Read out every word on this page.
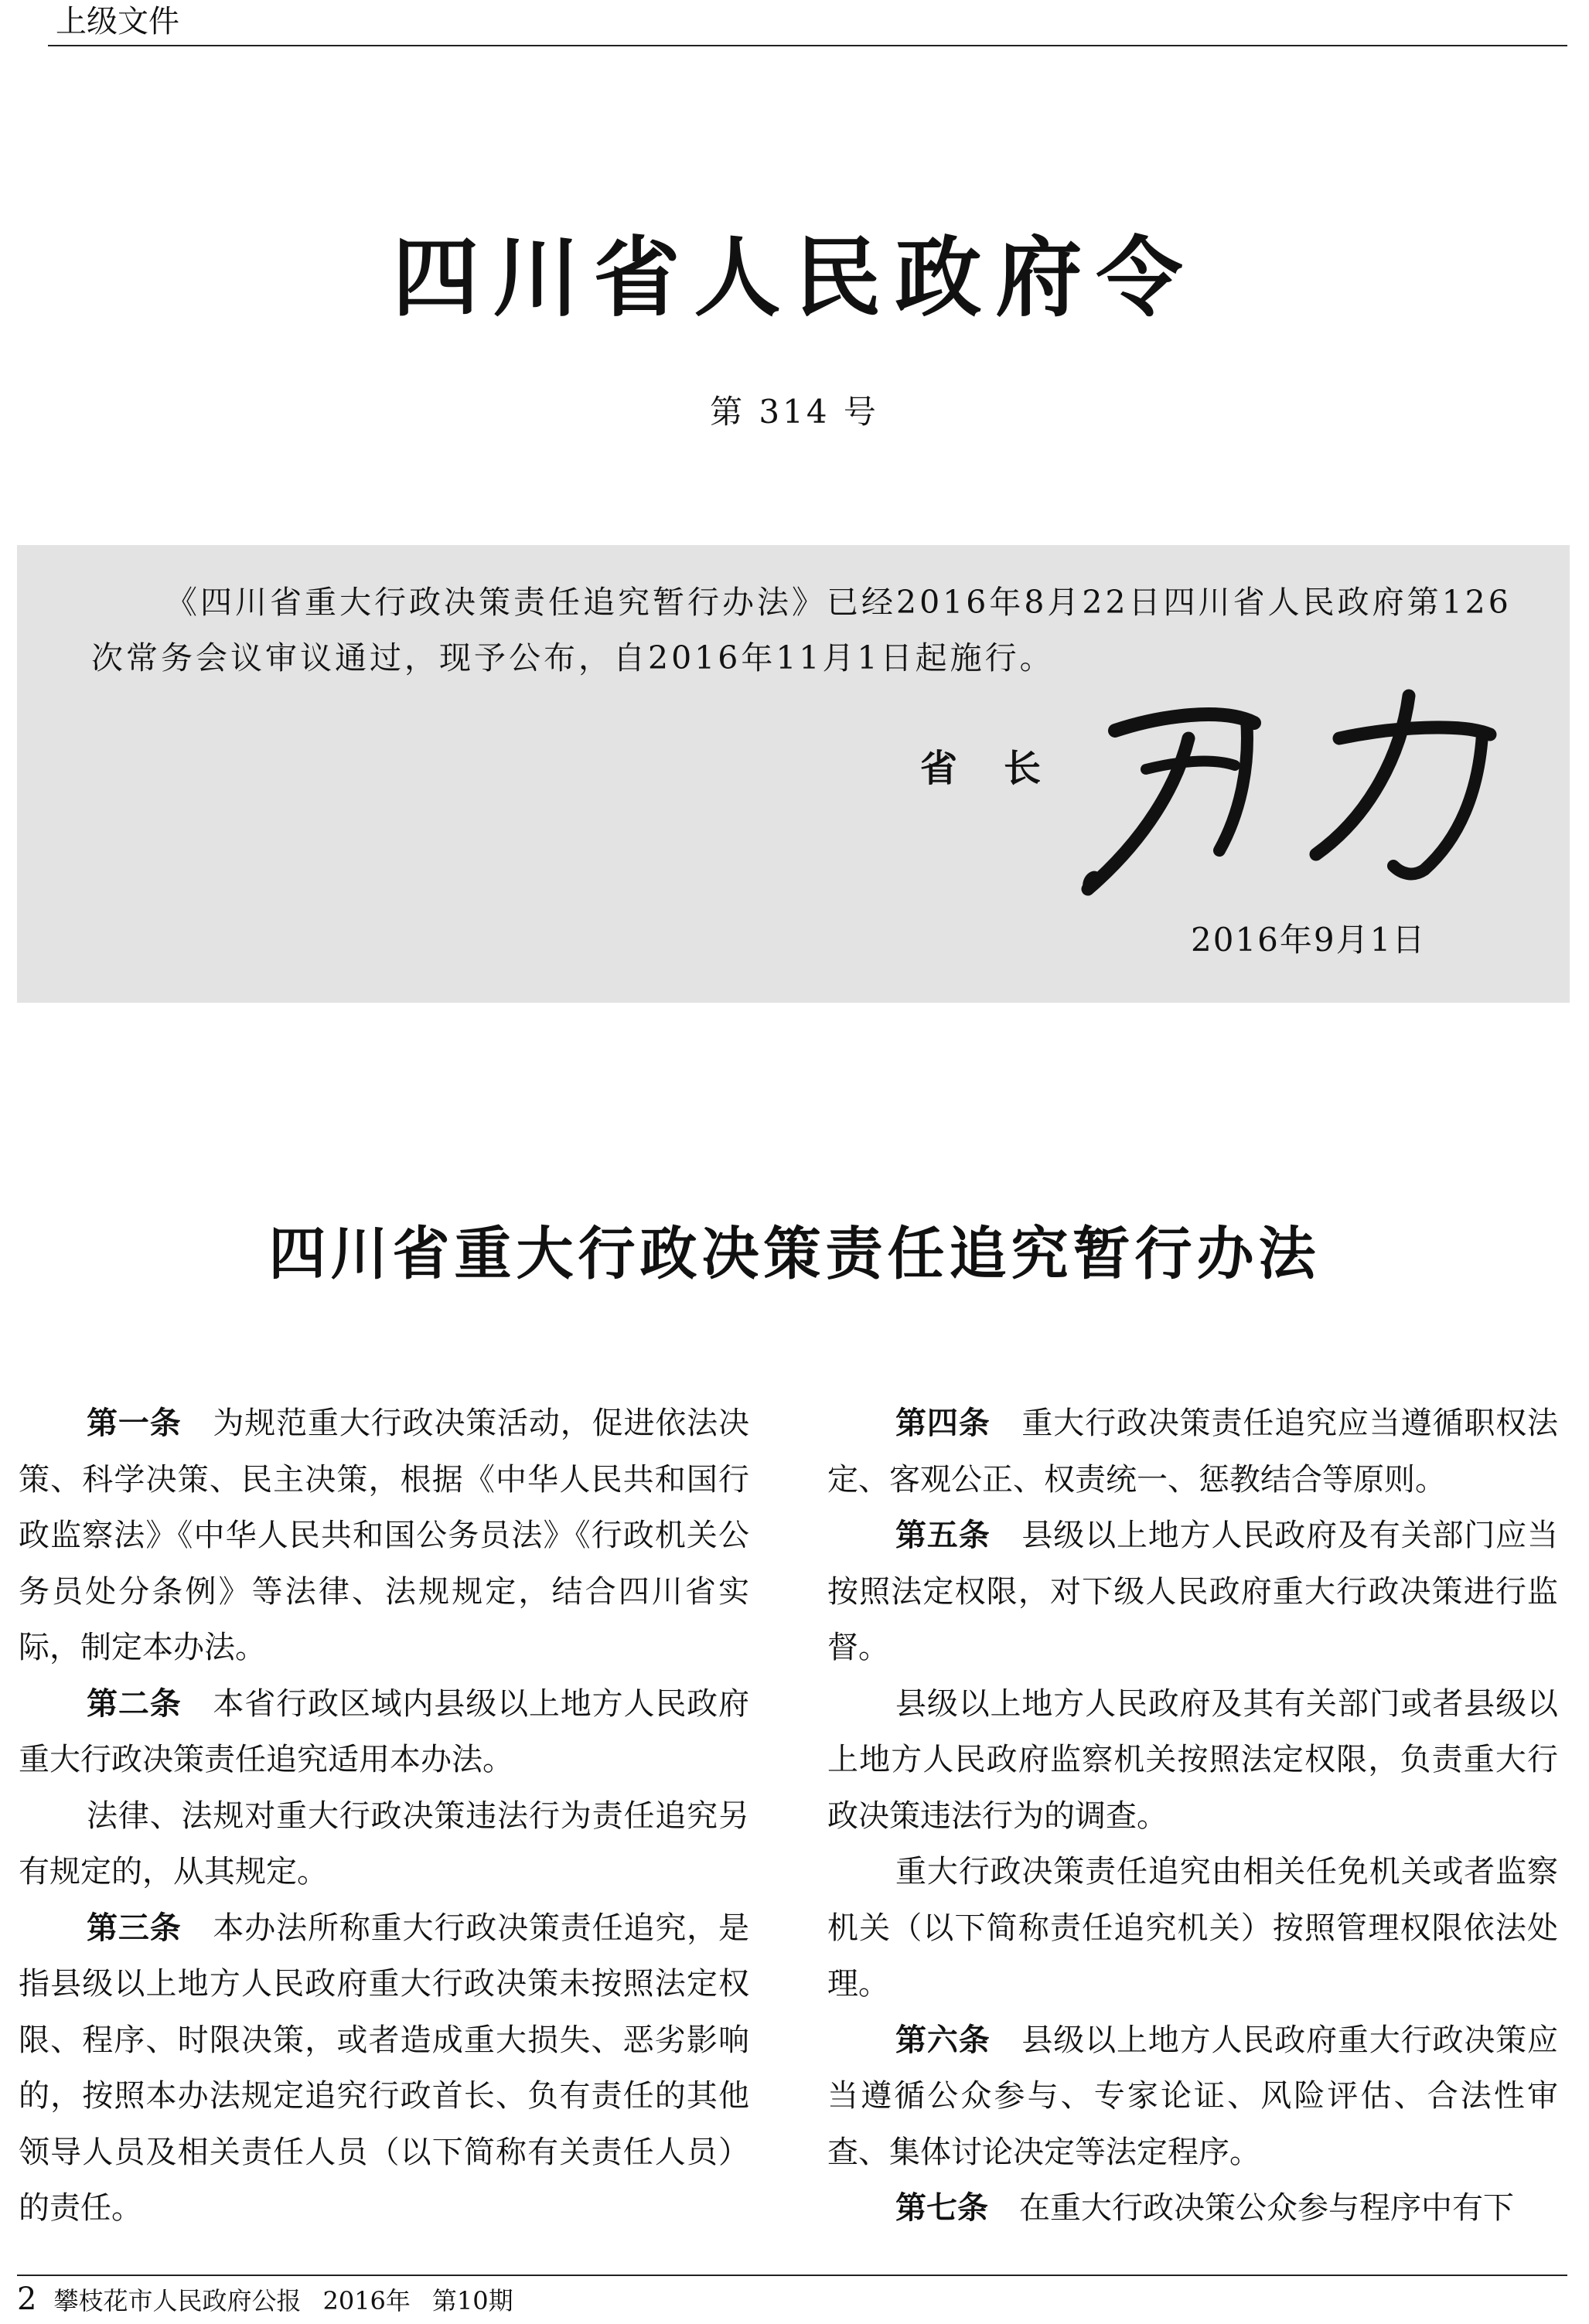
上级文件
四川省人民政府令
第 314 号
《四川省重大行政决策责任追究暂行办法》已经2016年8月22日四川省人民政府第126次常务会议审议通过，现予公布，自2016年11月1日起施行。
省 长
2016年9月1日
四川省重大行政决策责任追究暂行办法

第一条 为规范重大行政决策活动，促进依法决策、科学决策、民主决策，根据《中华人民共和国行政监察法》《中华人民共和国公务员法》《行政机关公务员处分条例》等法律、法规规定，结合四川省实际，制定本办法。

第二条 本省行政区域内县级以上地方人民政府重大行政决策责任追究适用本办法。

法律、法规对重大行政决策违法行为责任追究另有规定的，从其规定。

第三条 本办法所称重大行政决策责任追究，是指县级以上地方人民政府重大行政决策未按照法定权限、程序、时限决策，或者造成重大损失、恶劣影响的，按照本办法规定追究行政首长、负有责任的其他领导人员及相关责任人员（以下简称有关责任人员）的责任。

第四条 重大行政决策责任追究应当遵循职权法定、客观公正、权责统一、惩教结合等原则。

第五条 县级以上地方人民政府及有关部门应当按照法定权限，对下级人民政府重大行政决策进行监督。

县级以上地方人民政府及其有关部门或者县级以上地方人民政府监察机关按照法定权限，负责重大行政决策违法行为的调查。

重大行政决策责任追究由相关任免机关或者监察机关（以下简称责任追究机关）按照管理权限依法处理。

第六条 县级以上地方人民政府重大行政决策应当遵循公众参与、专家论证、风险评估、合法性审查、集体讨论决定等法定程序。

第七条 在重大行政决策公众参与程序中有下

2 攀枝花市人民政府公报 2016年 第10期
